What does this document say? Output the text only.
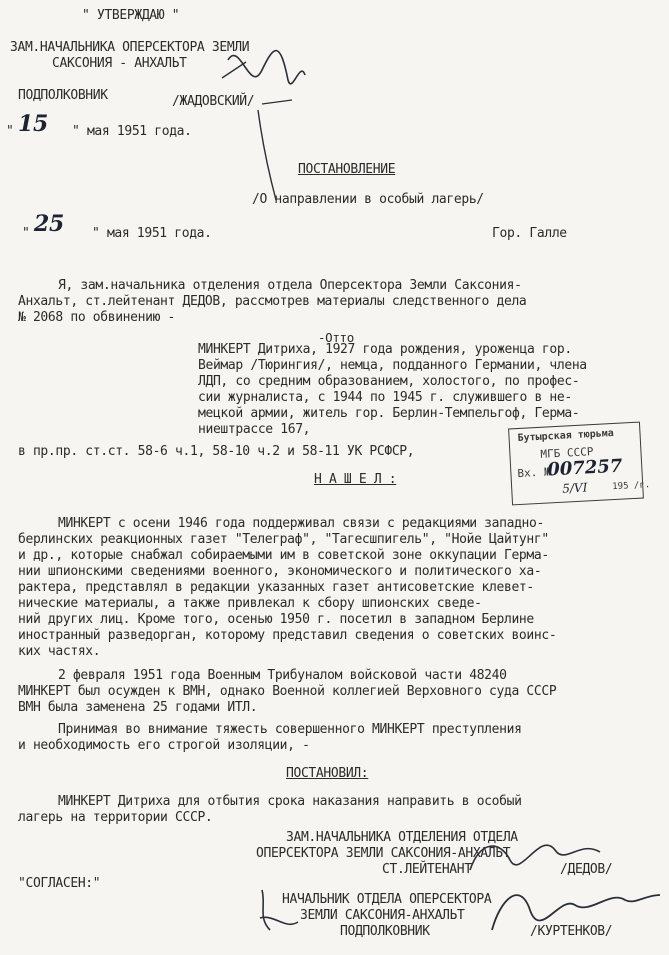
" УТВЕРЖДАЮ "
ЗАМ.НАЧАЛЬНИКА ОПЕРСЕКТОРА ЗЕМЛИ
САКСОНИЯ - АНХАЛЬТ
ПОДПОЛКОВНИК	/ЖАДОВСКИЙ/
" 15 " мая 1951 года.
ПОСТАНОВЛЕНИЕ
/О направлении в особый лагерь/
" 25 " мая 1951 года.	Гор. Галле
Я, зам.начальника отделения отдела Оперсектора Земли Саксония-
Анхальт, ст.лейтенант ДЕДОВ, рассмотрев материалы следственного дела
№ 2068 по обвинению -
-Отто
МИНКЕРТ Дитриха, 1927 года рождения, уроженца гор.
Веймар /Тюрингия/, немца, подданного Германии, члена
ЛДП, со средним образованием, холостого, по профес-
сии журналиста, с 1944 по 1945 г. служившего в не-
мецкой армии, житель гор. Берлин-Темпельгоф, Герма-
ниештрассе 167,
в пр.пр. ст.ст. 58-6 ч.1, 58-10 ч.2 и 58-11 УК РСФСР,
Бутырская тюрьма
МГБ СССР
Вх. №
007257
5/VI	195 /г.
Н А Ш Е Л :
МИНКЕРТ с осени 1946 года поддерживал связи с редакциями западно-
берлинских реакционных газет "Телеграф", "Тагесшпигель", "Нойе Цайтунг"
и др., которые снабжал собираемыми им в советской зоне оккупации Герма-
нии шпионскими сведениями военного, экономического и политического ха-
рактера, представлял в редакции указанных газет антисоветские клевет-
нические материалы, а также привлекал к сбору шпионских сведе-
ний других лиц. Кроме того, осенью 1950 г. посетил в западном Берлине
иностранный разведорган, которому представил сведения о советских воинс-
ких частях.
2 февраля 1951 года Военным Трибуналом войсковой части 48240
МИНКЕРТ был осужден к ВМН, однако Военной коллегией Верховного суда СССР
ВМН была заменена 25 годами ИТЛ.
Принимая во внимание тяжесть совершенного МИНКЕРТ преступления
и необходимость его строгой изоляции, -
ПОСТАНОВИЛ:
МИНКЕРТ Дитриха для отбытия срока наказания направить в особый
лагерь на территории СССР.
ЗАМ.НАЧАЛЬНИКА ОТДЕЛЕНИЯ ОТДЕЛА
ОПЕРСЕКТОРА ЗЕМЛИ САКСОНИЯ-АНХАЛЬТ
СТ.ЛЕЙТЕНАНТ	/ДЕДОВ/
"СОГЛАСЕН:"
НАЧАЛЬНИК ОТДЕЛА ОПЕРСЕКТОРА
ЗЕМЛИ САКСОНИЯ-АНХАЛЬТ
ПОДПОЛКОВНИК	/КУРТЕНКОВ/
